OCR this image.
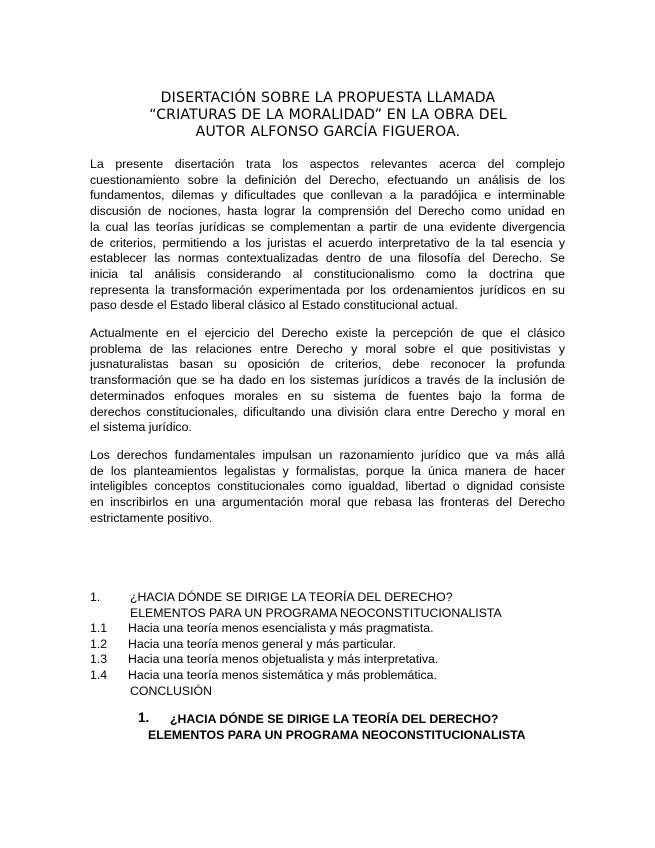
DISERTACIÓN SOBRE LA PROPUESTA LLAMADA
“CRIATURAS DE LA MORALIDAD” EN LA OBRA DEL
AUTOR ALFONSO GARCÍA FIGUEROA.
La presente disertación trata los aspectos relevantes acerca del complejo
cuestionamiento sobre la definición del Derecho, efectuando un análisis de los
fundamentos, dilemas y dificultades que conllevan a la paradójica e interminable
discusión de nociones, hasta lograr la comprensión del Derecho como unidad en
la cual las teorías jurídicas se complementan a partir de una evidente divergencia
de criterios, permitiendo a los juristas el acuerdo interpretativo de la tal esencia y
establecer las normas contextualizadas dentro de una filosofía del Derecho. Se
inicia tal análisis considerando al constitucionalismo como la doctrina que
representa la transformación experimentada por los ordenamientos jurídicos en su
paso desde el Estado liberal clásico al Estado constitucional actual.
Actualmente en el ejercicio del Derecho existe la percepción de que el clásico
problema de las relaciones entre Derecho y moral sobre el que positivistas y
jusnaturalistas basan su oposición de criterios, debe reconocer la profunda
transformación que se ha dado en los sistemas jurídicos a través de la inclusión de
determinados enfoques morales en su sistema de fuentes bajo la forma de
derechos constitucionales, dificultando una división clara entre Derecho y moral en
el sistema jurídico.
Los derechos fundamentales impulsan un razonamiento jurídico que va más allá
de los planteamientos legalistas y formalistas, porque la única manera de hacer
inteligibles conceptos constitucionales como igualdad, libertad o dignidad consiste
en inscribirlos en una argumentación moral que rebasa las fronteras del Derecho
estrictamente positivo.
1. ¿HACIA DÓNDE SE DIRIGE LA TEORÍA DEL DERECHO?
ELEMENTOS PARA UN PROGRAMA NEOCONSTITUCIONALISTA
1.1 Hacia una teoría menos esencialista y más pragmatista.
1.2 Hacia una teoría menos general y más particular.
1.3 Hacia una teoría menos objetualista y más interpretativa.
1.4 Hacia una teoría menos sistemática y más problemática.
CONCLUSIÓN
1. ¿HACIA DÓNDE SE DIRIGE LA TEORÍA DEL DERECHO?
ELEMENTOS PARA UN PROGRAMA NEOCONSTITUCIONALISTA
